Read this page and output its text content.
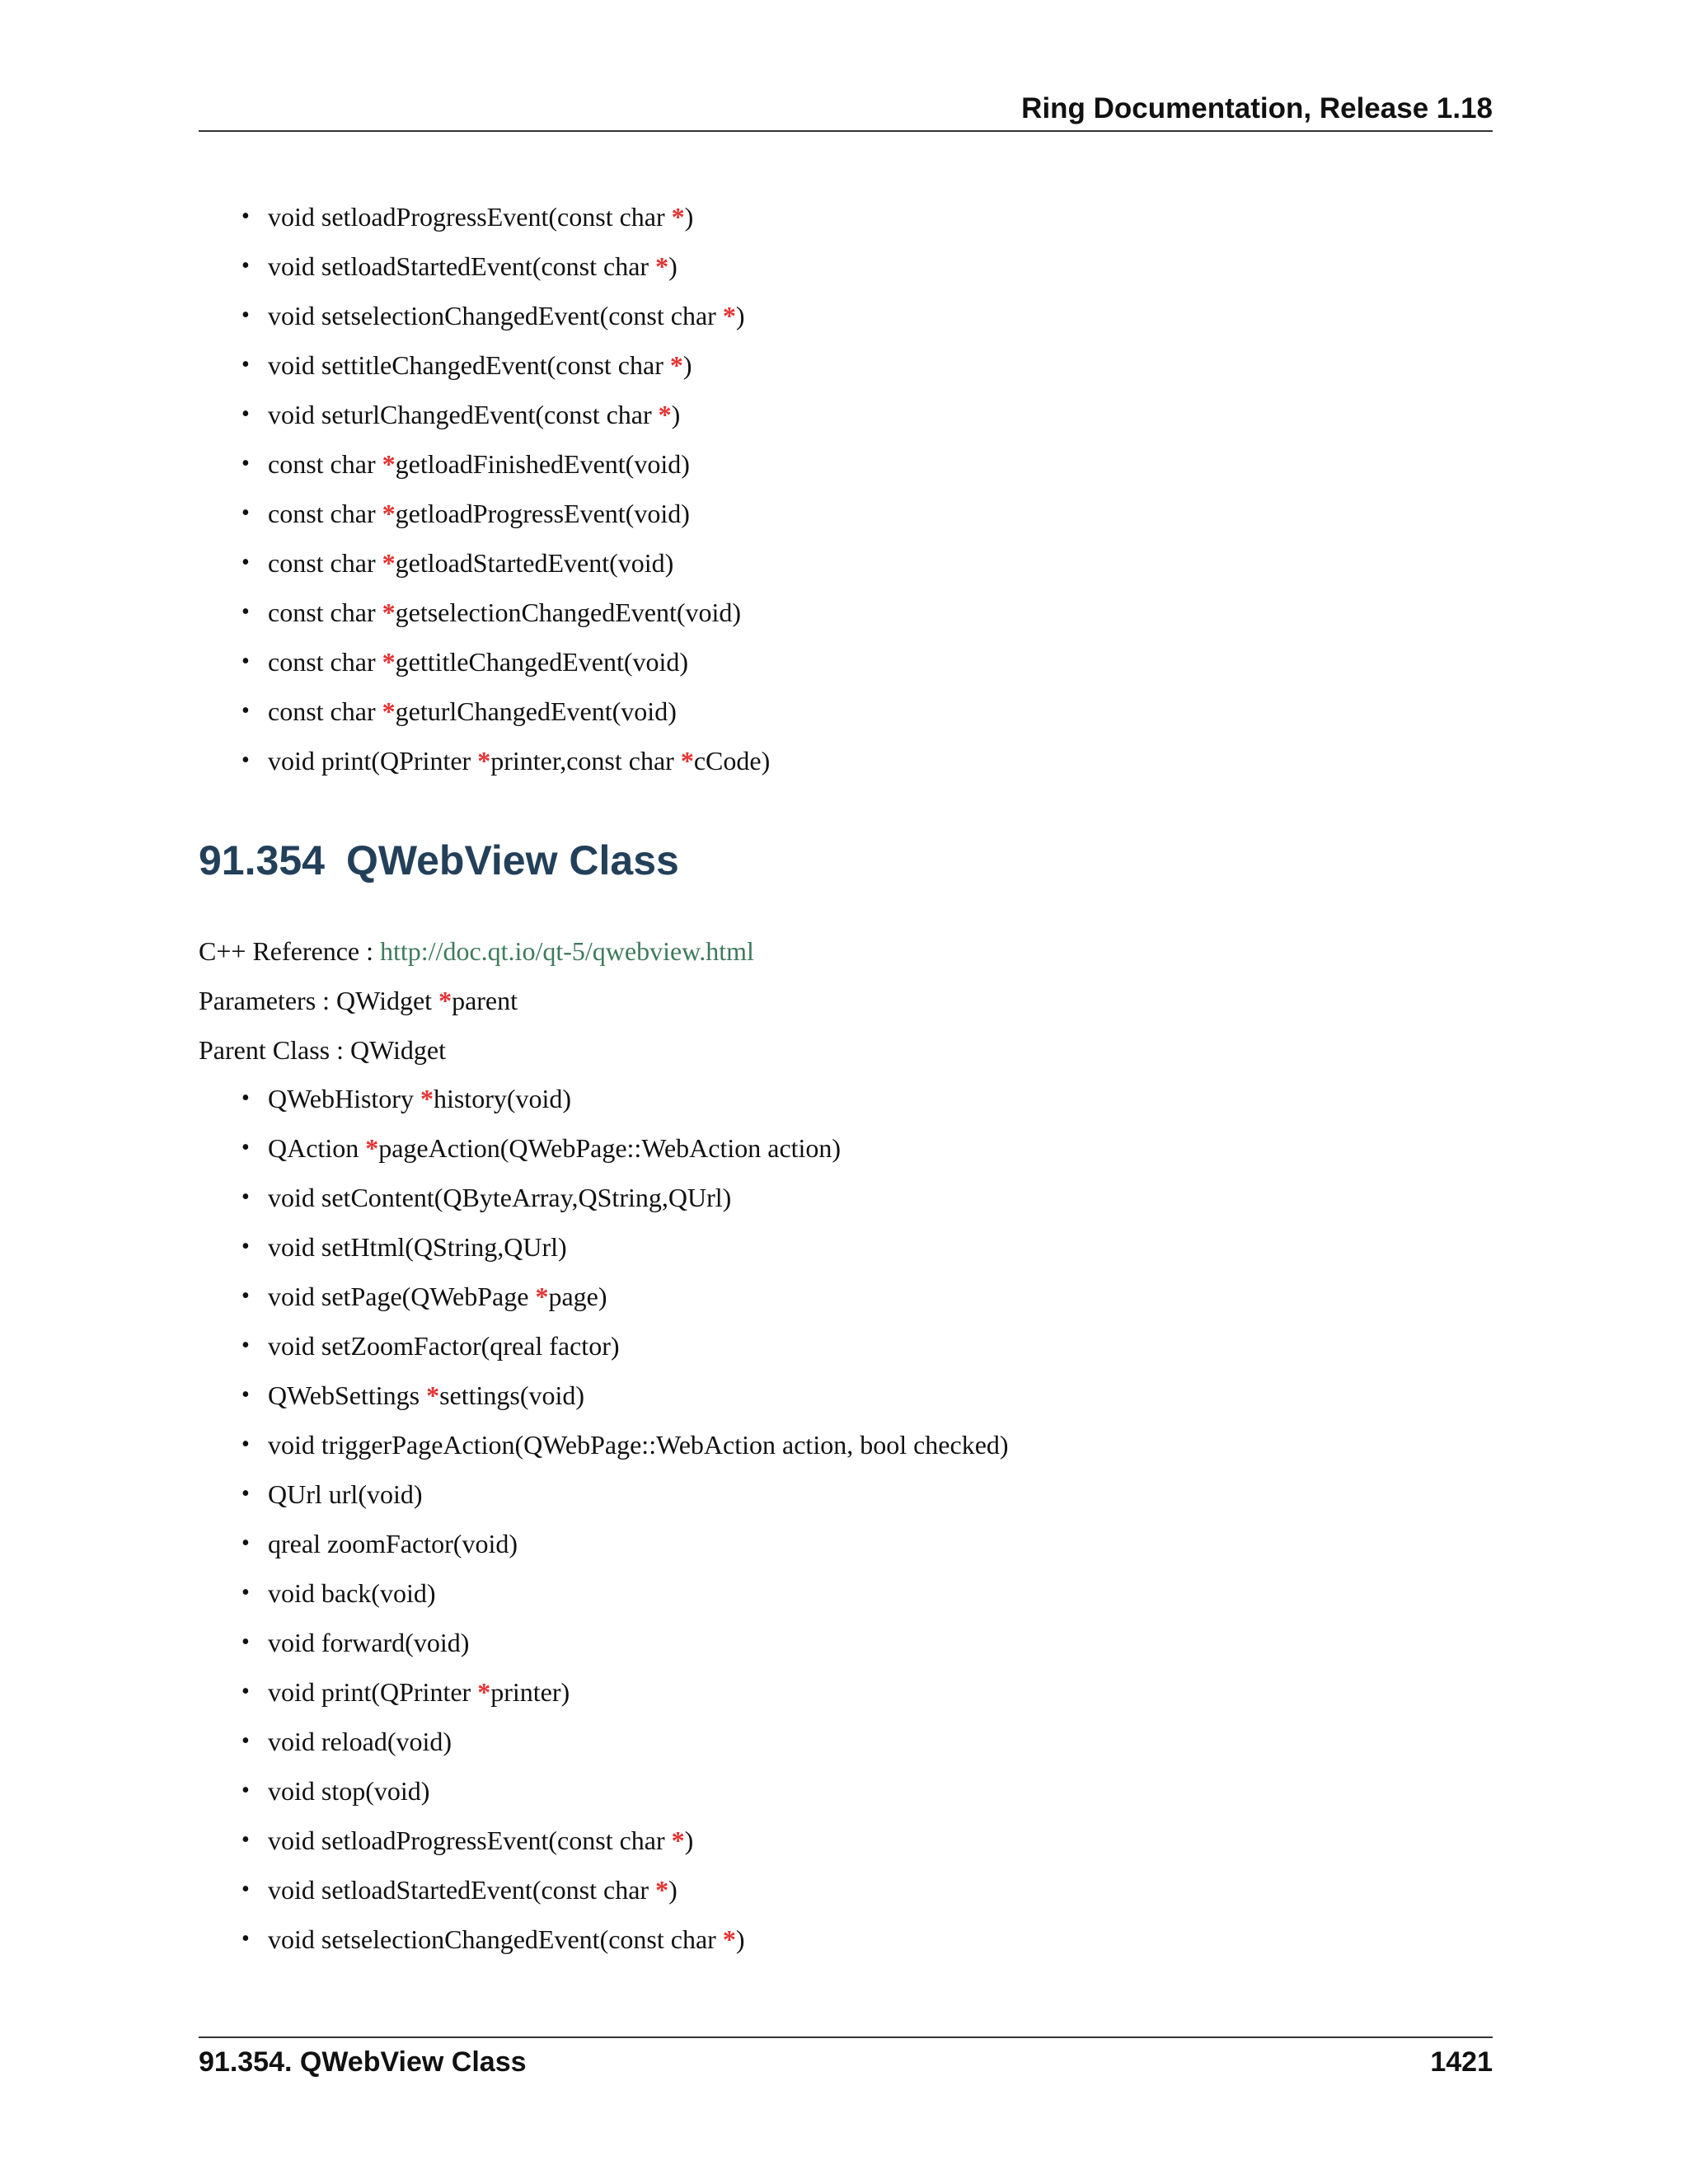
Ring Documentation, Release 1.18
• void setloadProgressEvent(const char *)
• void setloadStartedEvent(const char *)
• void setselectionChangedEvent(const char *)
• void settitleChangedEvent(const char *)
• void seturlChangedEvent(const char *)
• const char *getloadFinishedEvent(void)
• const char *getloadProgressEvent(void)
• const char *getloadStartedEvent(void)
• const char *getselectionChangedEvent(void)
• const char *gettitleChangedEvent(void)
• const char *geturlChangedEvent(void)
• void print(QPrinter *printer,const char *cCode)
91.354 QWebView Class
C++ Reference : http://doc.qt.io/qt-5/qwebview.html
Parameters : QWidget *parent
Parent Class : QWidget
• QWebHistory *history(void)
• QAction *pageAction(QWebPage::WebAction action)
• void setContent(QByteArray,QString,QUrl)
• void setHtml(QString,QUrl)
• void setPage(QWebPage *page)
• void setZoomFactor(qreal factor)
• QWebSettings *settings(void)
• void triggerPageAction(QWebPage::WebAction action, bool checked)
• QUrl url(void)
• qreal zoomFactor(void)
• void back(void)
• void forward(void)
• void print(QPrinter *printer)
• void reload(void)
• void stop(void)
• void setloadProgressEvent(const char *)
• void setloadStartedEvent(const char *)
• void setselectionChangedEvent(const char *)
91.354. QWebView Class	1421
